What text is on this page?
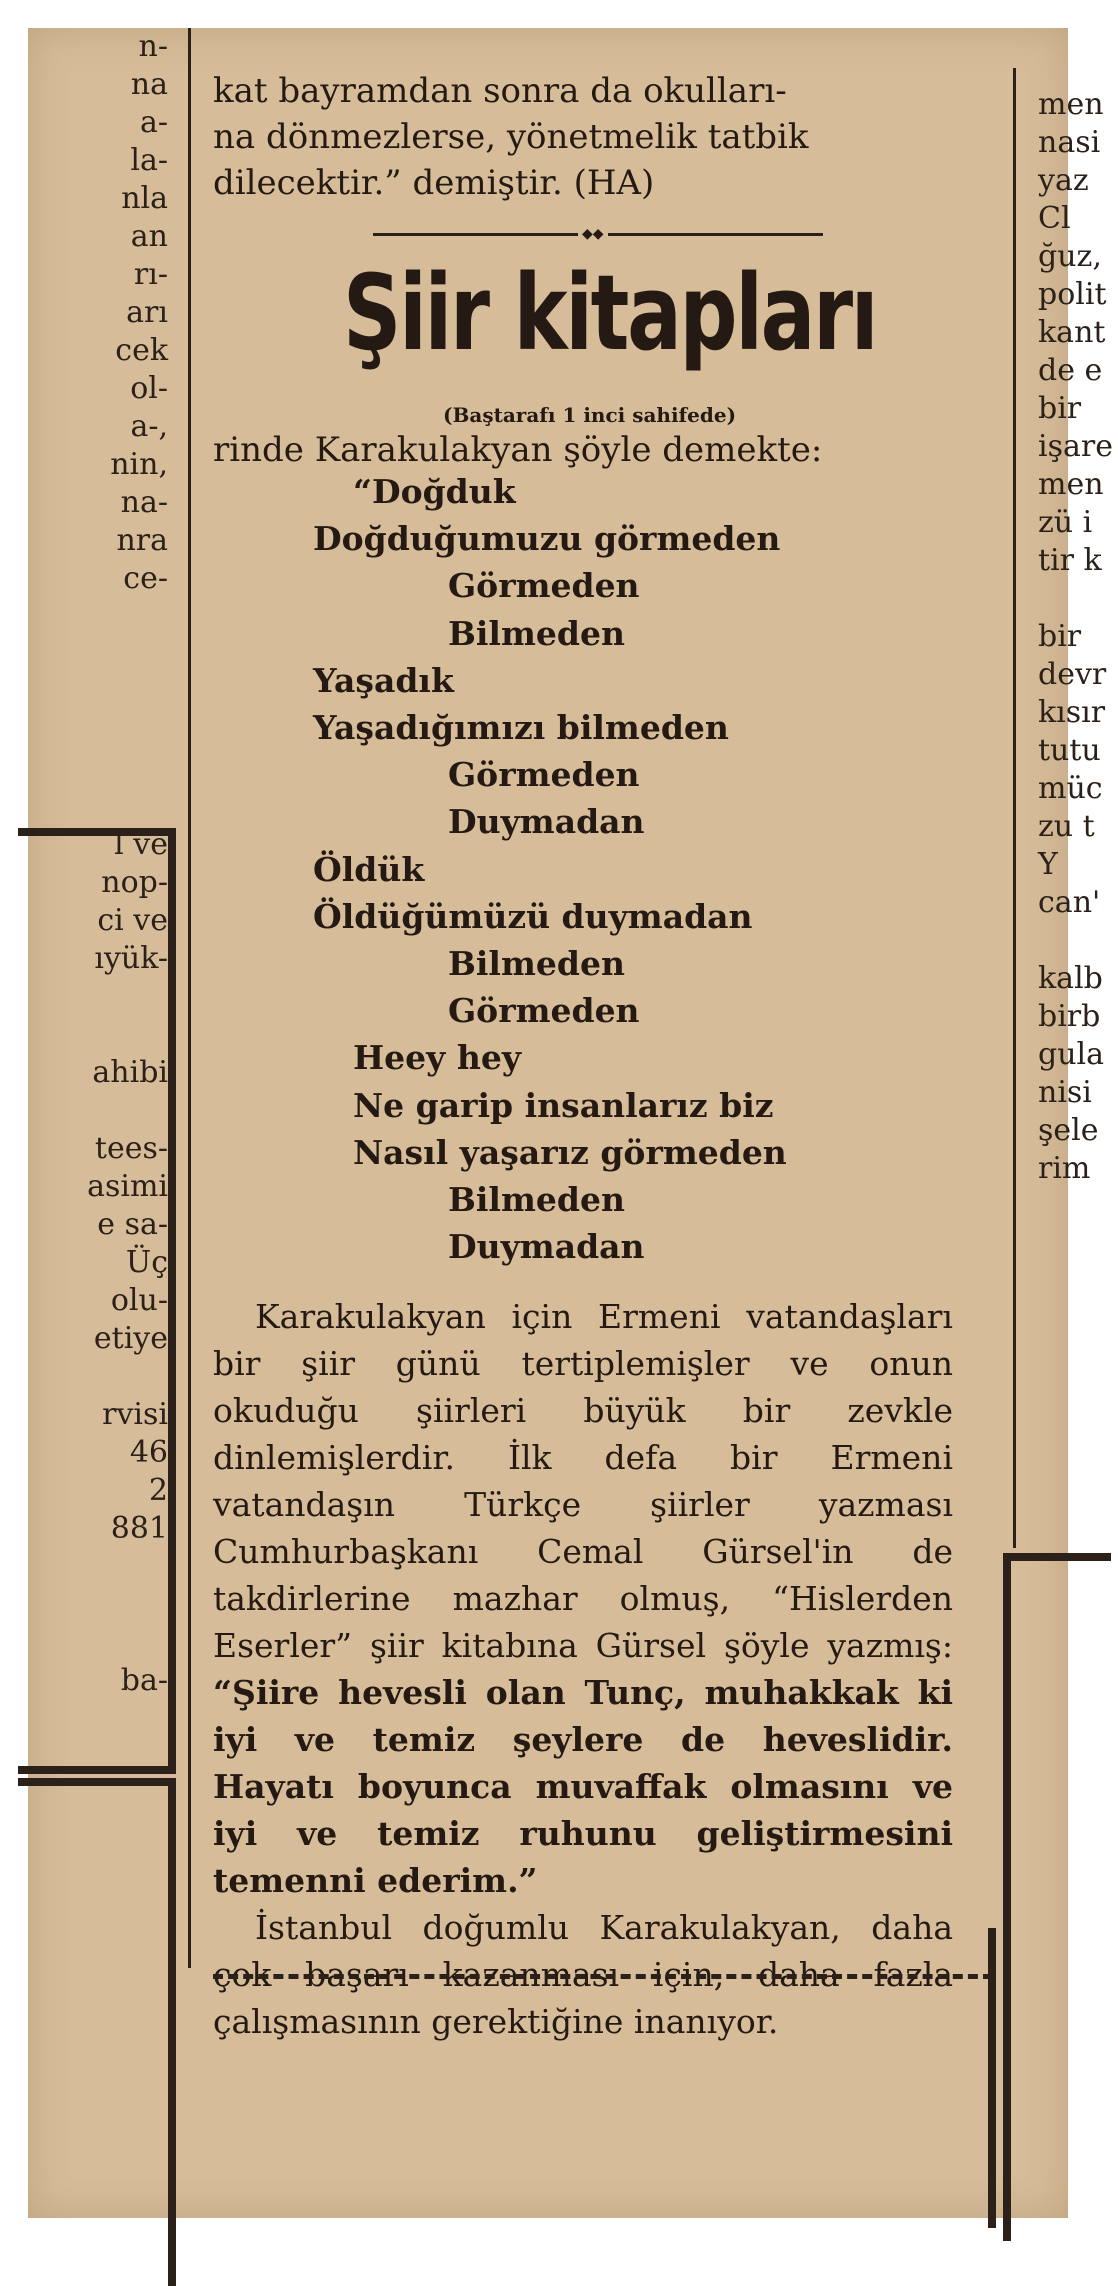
n-
na
a-
la-
nla
an
rı-
arı
cek
ol-
a-,
nin,
na-
nra
ce-

l ve
nop-
ci ve
ıyük-

ahibi

tees-
asimi
e sa-
Üç
olu-
etiye

rvisi
46
2
881

ba-

men
nasi
yaz
Cl
ğuz,
polit
kant
de e
bir
işare
men
zü i
tir k

bir
devr
kısır
tutu
müc
zu t
Y
can'

kalb
birb
gula
nisi
şele
rim
kat bayramdan sonra da okulları-
na dönmezlerse, yönetmelik tatbik
dilecektir.” demiştir. (HA)
◆◆
Şiir kitapları
(Baştarafı 1 inci sahifede)
rinde Karakulakyan şöyle demekte:
“Doğduk
Doğduğumuzu görmeden
Görmeden
Bilmeden
Yaşadık
Yaşadığımızı bilmeden
Görmeden
Duymadan
Öldük
Öldüğümüzü duymadan
Bilmeden
Görmeden
Heey hey
Ne garip insanlarız biz
Nasıl yaşarız görmeden
Bilmeden
Duymadan

Karakulakyan için Ermeni vatandaşları bir şiir günü tertiplemişler ve onun okuduğu şiirleri büyük bir zevkle dinlemişlerdir. İlk defa bir Ermeni vatandaşın Türkçe şiirler yazması Cumhurbaşkanı Cemal Gürsel'in de takdirlerine mazhar olmuş, “Hislerden Eserler” şiir kitabına Gürsel şöyle yazmış: “Şiire hevesli olan Tunç, muhakkak ki iyi ve temiz şeylere de heveslidir. Hayatı boyunca muvaffak olmasını ve iyi ve temiz ruhunu geliştirmesini temenni ederim.”

İstanbul doğumlu Karakulakyan, daha çok başarı kazanması için, daha fazla çalışmasının gerektiğine inanıyor.
